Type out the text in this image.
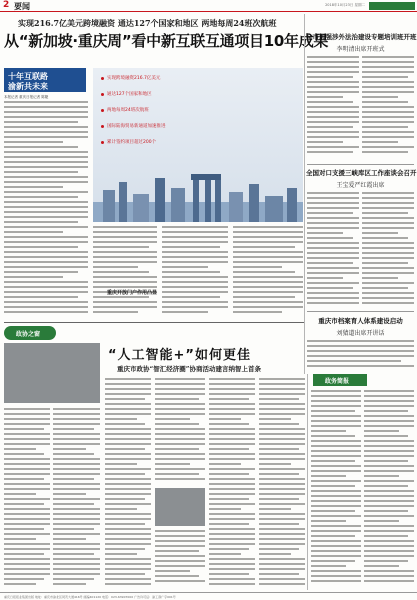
2 要闻	2018年10月23日 星期二
实现216.7亿美元跨境融资 通达127个国家和地区 两地每周24班次航班
从“新加坡·重庆周”看中新互联互通项目10年成果
十年互联路
渝新共未来
本报记者 重庆日报记者 陈婕
实现跨境融资216.7亿美元
通达127个国家和地区
两地每周24班次航班
国际陆海贸易新通道加速推进
累计签约项目超过200个
重庆开放门户作用凸显
全市加强涉外法治建设专题培训班开班
李明清出席开班式
全国对口支援三峡库区工作座谈会召开
王宝爱严红霞出席
重庆市档案育人体系建设启动
刘猜道出席开讲话
政协之窗
“人工智能+”如何更佳
重庆市政协“智汇经济圈”协商活动建言纳智上首条
政务简报
重庆日报报业集团出版 地址：重庆市渝北区同茂大道416号 邮编401120 电话：023-63907000 广告许可证：渝工商广字001号
